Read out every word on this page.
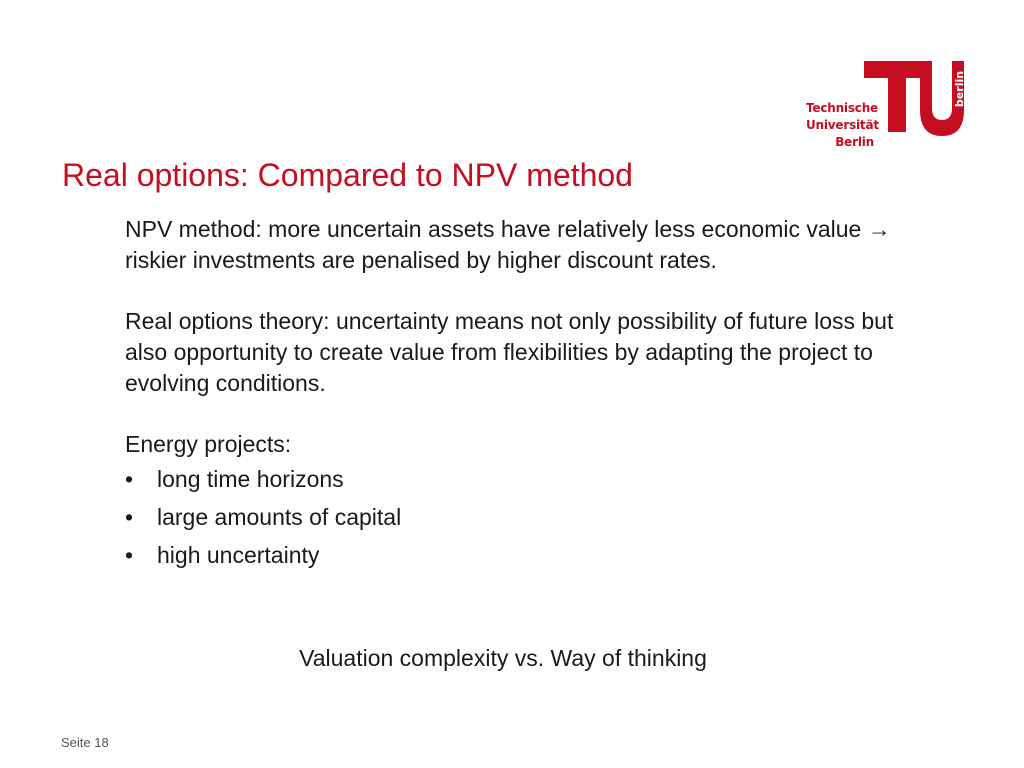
Technische
Universität
Berlin
berlin
Real options: Compared to NPV method

NPV method: more uncertain assets have relatively less economic value → riskier investments are penalised by higher discount rates.

Real options theory: uncertainty means not only possibility of future loss but also opportunity to create value from flexibilities by adapting the project to evolving conditions.

Energy projects:

•	long time horizons
•	large amounts of capital
•	high uncertainty
Valuation complexity vs. Way of thinking
Seite 18
